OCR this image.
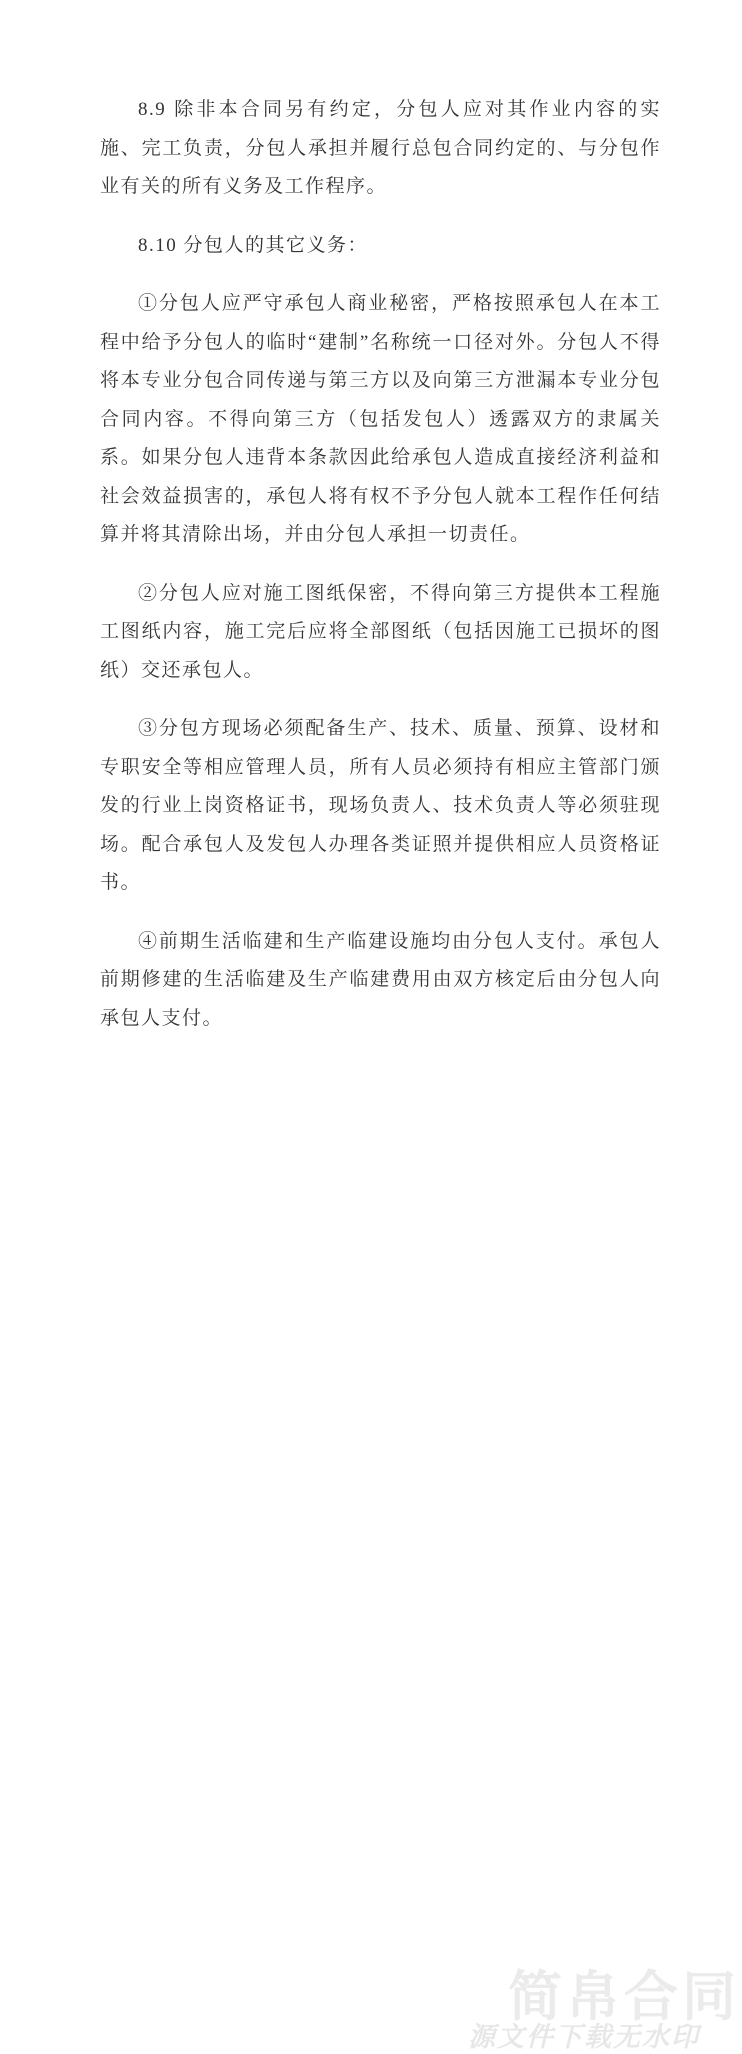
简帛合同
源文件下载无水印

8.9 除非本合同另有约定，分包人应对其作业内容的实施、完工负责，分包人承担并履行总包合同约定的、与分包作业有关的所有义务及工作程序。

8.10 分包人的其它义务：

①分包人应严守承包人商业秘密，严格按照承包人在本工程中给予分包人的临时“建制”名称统一口径对外。分包人不得将本专业分包合同传递与第三方以及向第三方泄漏本专业分包合同内容。不得向第三方（包括发包人）透露双方的隶属关系。如果分包人违背本条款因此给承包人造成直接经济利益和社会效益损害的，承包人将有权不予分包人就本工程作任何结算并将其清除出场，并由分包人承担一切责任。

②分包人应对施工图纸保密，不得向第三方提供本工程施工图纸内容，施工完后应将全部图纸（包括因施工已损坏的图纸）交还承包人。

③分包方现场必须配备生产、技术、质量、预算、设材和专职安全等相应管理人员，所有人员必须持有相应主管部门颁发的行业上岗资格证书，现场负责人、技术负责人等必须驻现场。配合承包人及发包人办理各类证照并提供相应人员资格证书。

④前期生活临建和生产临建设施均由分包人支付。承包人前期修建的生活临建及生产临建费用由双方核定后由分包人向承包人支付。
